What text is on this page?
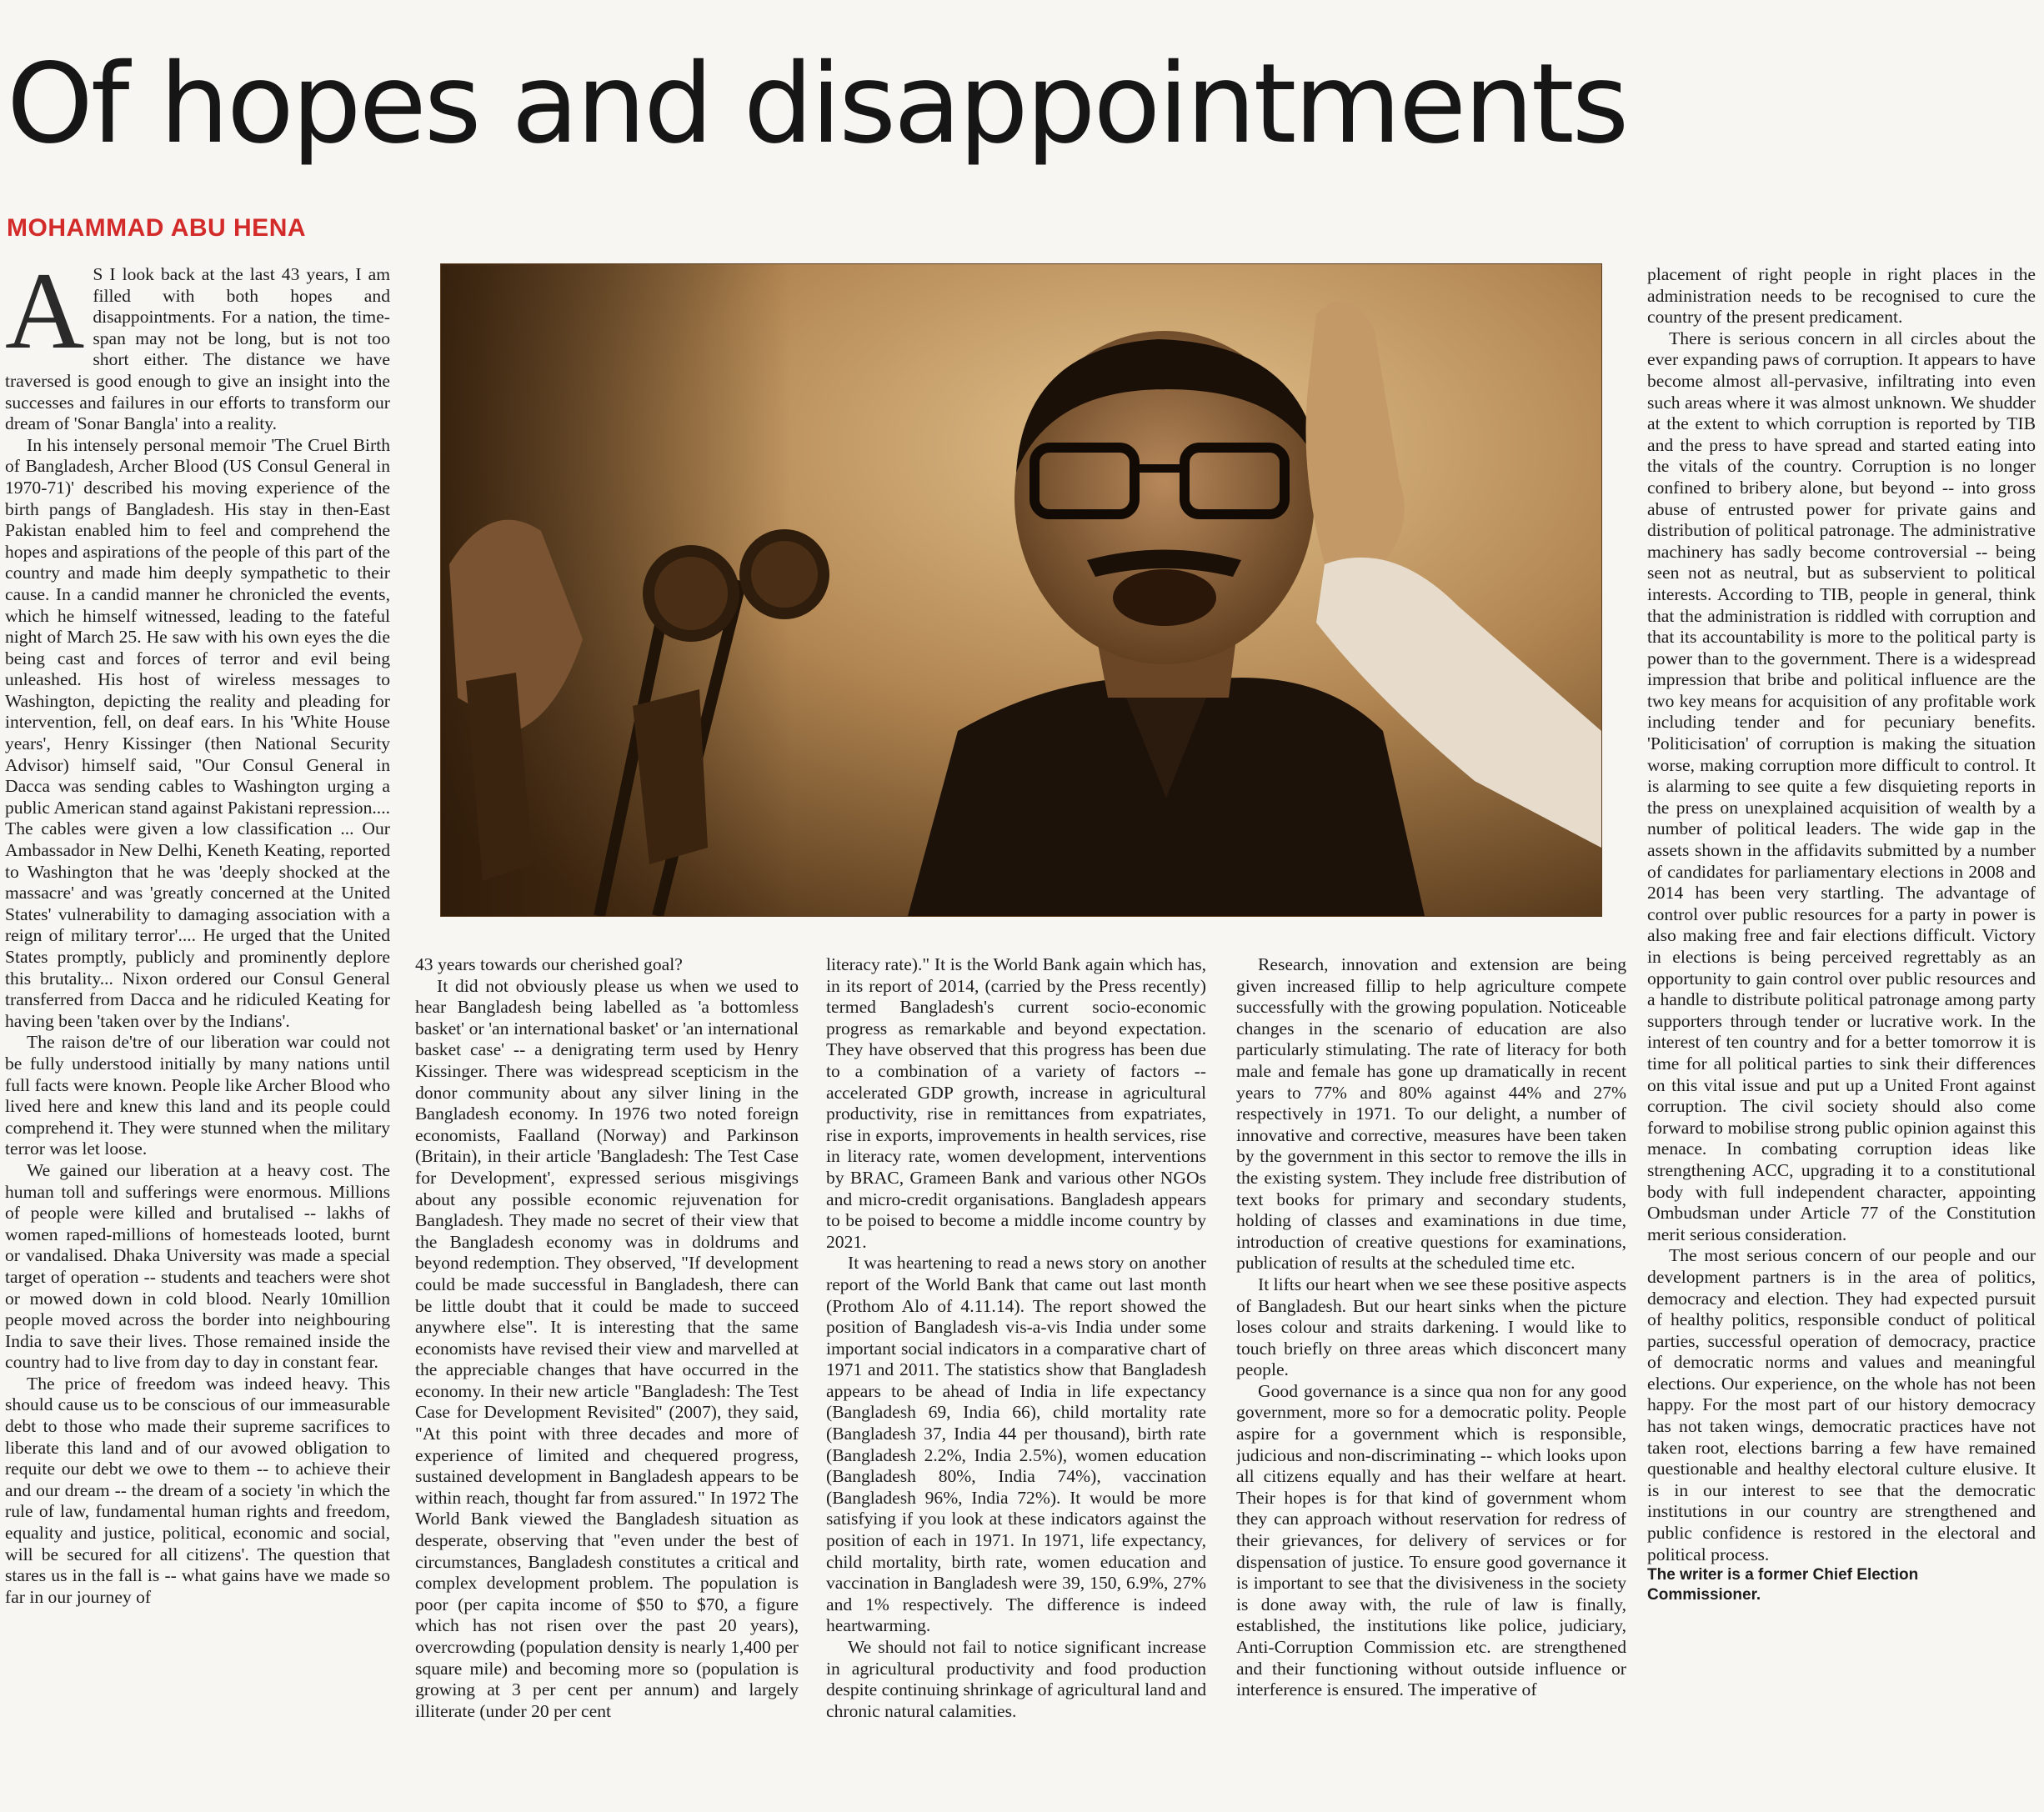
Of hopes and disappointments
MOHAMMAD ABU HENA

A S I look back at the last 43 years, I am filled with both hopes and disappointments. For a nation, the time-span may not be long, but is not too short either. The distance we have traversed is good enough to give an insight into the successes and failures in our efforts to transform our dream of 'Sonar Bangla' into a reality.

In his intensely personal memoir 'The Cruel Birth of Bangladesh, Archer Blood (US Consul General in 1970-71)' described his moving experience of the birth pangs of Bangladesh. His stay in then-East Pakistan enabled him to feel and comprehend the hopes and aspirations of the people of this part of the country and made him deeply sympathetic to their cause. In a candid manner he chronicled the events, which he himself witnessed, leading to the fateful night of March 25. He saw with his own eyes the die being cast and forces of terror and evil being unleashed. His host of wireless messages to Washington, depicting the reality and pleading for intervention, fell, on deaf ears. In his 'White House years', Henry Kissinger (then National Security Advisor) himself said, "Our Consul General in Dacca was sending cables to Washington urging a public American stand against Pakistani repression.... The cables were given a low classification ... Our Ambassador in New Delhi, Keneth Keating, reported to Washington that he was 'deeply shocked at the massacre' and was 'greatly concerned at the United States' vulnerability to damaging association with a reign of military terror'.... He urged that the United States promptly, publicly and prominently deplore this brutality... Nixon ordered our Consul General transferred from Dacca and he ridiculed Keating for having been 'taken over by the Indians'.

The raison de'tre of our liberation war could not be fully understood initially by many nations until full facts were known. People like Archer Blood who lived here and knew this land and its people could comprehend it. They were stunned when the military terror was let loose.

We gained our liberation at a heavy cost. The human toll and sufferings were enormous. Millions of people were killed and brutalised -- lakhs of women raped-millions of homesteads looted, burnt or vandalised. Dhaka University was made a special target of operation -- students and teachers were shot or mowed down in cold blood. Nearly 10million people moved across the border into neighbouring India to save their lives. Those remained inside the country had to live from day to day in constant fear.

The price of freedom was indeed heavy. This should cause us to be conscious of our immeasurable debt to those who made their supreme sacrifices to liberate this land and of our avowed obligation to requite our debt we owe to them -- to achieve their and our dream -- the dream of a society 'in which the rule of law, fundamental human rights and freedom, equality and justice, political, economic and social, will be secured for all citizens'. The question that stares us in the fall is -- what gains have we made so far in our journey of

43 years towards our cherished goal?

It did not obviously please us when we used to hear Bangladesh being labelled as 'a bottomless basket' or 'an international basket' or 'an international basket case' -- a denigrating term used by Henry Kissinger. There was widespread scepticism in the donor community about any silver lining in the Bangladesh economy. In 1976 two noted foreign economists, Faalland (Norway) and Parkinson (Britain), in their article 'Bangladesh: The Test Case for Development', expressed serious misgivings about any possible economic rejuvenation for Bangladesh. They made no secret of their view that the Bangladesh economy was in doldrums and beyond redemption. They observed, "If development could be made successful in Bangladesh, there can be little doubt that it could be made to succeed anywhere else". It is interesting that the same economists have revised their view and marvelled at the appreciable changes that have occurred in the economy. In their new article "Bangladesh: The Test Case for Development Revisited" (2007), they said, "At this point with three decades and more of experience of limited and chequered progress, sustained development in Bangladesh appears to be within reach, thought far from assured." In 1972 The World Bank viewed the Bangladesh situation as desperate, observing that "even under the best of circumstances, Bangladesh constitutes a critical and complex development problem. The population is poor (per capita income of $50 to $70, a figure which has not risen over the past 20 years), overcrowding (population density is nearly 1,400 per square mile) and becoming more so (population is growing at 3 per cent per annum) and largely illiterate (under 20 per cent

literacy rate)." It is the World Bank again which has, in its report of 2014, (carried by the Press recently) termed Bangladesh's current socio-economic progress as remarkable and beyond expectation. They have observed that this progress has been due to a combination of a variety of factors -- accelerated GDP growth, increase in agricultural productivity, rise in remittances from expatriates, rise in exports, improvements in health services, rise in literacy rate, women development, interventions by BRAC, Grameen Bank and various other NGOs and micro-credit organisations. Bangladesh appears to be poised to become a middle income country by 2021.

It was heartening to read a news story on another report of the World Bank that came out last month (Prothom Alo of 4.11.14). The report showed the position of Bangladesh vis-a-vis India under some important social indicators in a comparative chart of 1971 and 2011. The statistics show that Bangladesh appears to be ahead of India in life expectancy (Bangladesh 69, India 66), child mortality rate (Bangladesh 37, India 44 per thousand), birth rate (Bangladesh 2.2%, India 2.5%), women education (Bangladesh 80%, India 74%), vaccination (Bangladesh 96%, India 72%). It would be more satisfying if you look at these indicators against the position of each in 1971. In 1971, life expectancy, child mortality, birth rate, women education and vaccination in Bangladesh were 39, 150, 6.9%, 27% and 1% respectively. The difference is indeed heartwarming.

We should not fail to notice significant increase in agricultural productivity and food production despite continuing shrinkage of agricultural land and chronic natural calamities.

Research, innovation and extension are being given increased fillip to help agriculture compete successfully with the growing population. Noticeable changes in the scenario of education are also particularly stimulating. The rate of literacy for both male and female has gone up dramatically in recent years to 77% and 80% against 44% and 27% respectively in 1971. To our delight, a number of innovative and corrective, measures have been taken by the government in this sector to remove the ills in the existing system. They include free distribution of text books for primary and secondary students, holding of classes and examinations in due time, introduction of creative questions for examinations, publication of results at the scheduled time etc.

It lifts our heart when we see these positive aspects of Bangladesh. But our heart sinks when the picture loses colour and straits darkening. I would like to touch briefly on three areas which disconcert many people.

Good governance is a since qua non for any good government, more so for a democratic polity. People aspire for a government which is responsible, judicious and non-discriminating -- which looks upon all citizens equally and has their welfare at heart. Their hopes is for that kind of government whom they can approach without reservation for redress of their grievances, for delivery of services or for dispensation of justice. To ensure good governance it is important to see that the divisiveness in the society is done away with, the rule of law is finally, established, the institutions like police, judiciary, Anti-Corruption Commission etc. are strengthened and their functioning without outside influence or interference is ensured. The imperative of

placement of right people in right places in the administration needs to be recognised to cure the country of the present predicament.

There is serious concern in all circles about the ever expanding paws of corruption. It appears to have become almost all-pervasive, infiltrating into even such areas where it was almost unknown. We shudder at the extent to which corruption is reported by TIB and the press to have spread and started eating into the vitals of the country. Corruption is no longer confined to bribery alone, but beyond -- into gross abuse of entrusted power for private gains and distribution of political patronage. The administrative machinery has sadly become controversial -- being seen not as neutral, but as subservient to political interests. According to TIB, people in general, think that the administration is riddled with corruption and that its accountability is more to the political party is power than to the government. There is a widespread impression that bribe and political influence are the two key means for acquisition of any profitable work including tender and for pecuniary benefits. 'Politicisation' of corruption is making the situation worse, making corruption more difficult to control. It is alarming to see quite a few disquieting reports in the press on unexplained acquisition of wealth by a number of political leaders. The wide gap in the assets shown in the affidavits submitted by a number of candidates for parliamentary elections in 2008 and 2014 has been very startling. The advantage of control over public resources for a party in power is also making free and fair elections difficult. Victory in elections is being perceived regrettably as an opportunity to gain control over public resources and a handle to distribute political patronage among party supporters through tender or lucrative work. In the interest of ten country and for a better tomorrow it is time for all political parties to sink their differences on this vital issue and put up a United Front against corruption. The civil society should also come forward to mobilise strong public opinion against this menace. In combating corruption ideas like strengthening ACC, upgrading it to a constitutional body with full independent character, appointing Ombudsman under Article 77 of the Constitution merit serious consideration.

The most serious concern of our people and our development partners is in the area of politics, democracy and election. They had expected pursuit of healthy politics, responsible conduct of political parties, successful operation of democracy, practice of democratic norms and values and meaningful elections. Our experience, on the whole has not been happy. For the most part of our history democracy has not taken wings, democratic practices have not taken root, elections barring a few have remained questionable and healthy electoral culture elusive. It is in our interest to see that the democratic institutions in our country are strengthened and public confidence is restored in the electoral and political process.

The writer is a former Chief Election Commissioner.
